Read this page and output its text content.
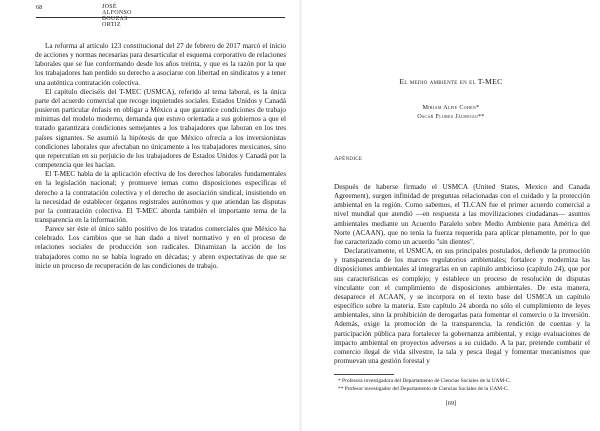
68	JOSÉ ALFONSO BOUZAS ORTIZ

La reforma al artículo 123 constitucional del 27 de febrero de 2017 marcó el inicio de acciones y normas necesarias para desarticular el esquema corporativo de relaciones laborales que se fue conformando desde los años treinta, y que es la razón por la que los trabajadores han perdido su derecho a asociarse con libertad en sindicatos y a tener una auténtica contratación colectiva.

El capítulo dieciséis del T-MEC (USMCA), referido al tema laboral, es la única parte del acuerdo comercial que recoge inquietudes sociales. Estados Unidos y Canadá pusieron particular énfasis en obligar a México a que garantice condiciones de trabajo mínimas del modelo moderno, demanda que estuvo orientada a sus gobiernos a que el tratado garantizara condiciones semejantes a los trabajadores que laboran en los tres países signantes. Se asumió la hipótesis de que México ofrecía a los inversionistas condiciones laborales que afectaban no únicamente a los trabajadores mexicanos, sino que repercutían en su perjuicio de los trabajadores de Estados Unidos y Canadá por la competencia que les hacían.

El T-MEC habla de la aplicación efectiva de los derechos laborales fundamentales en la legislación nacional; y promueve temas como disposiciones específicas el derecho a la contratación colectiva y el derecho de asociación sindical, insistiendo en la necesidad de establecer órganos registrales autónomos y que atiendan las disputas por la contratación colectiva. El T-MEC aborda también el importante tema de la transparencia en la información.

Parece ser éste el único saldo positivo de los tratados comerciales que México ha celebrado. Los cambios que se han dado a nivel normativo y en el proceso de relaciones sociales de producción son radicales. Dinamizan la acción de los trabajadores como no se había logrado en décadas; y abren expectativas de que se inicie un proceso de recuperación de las condiciones de trabajo.

El medio ambiente en el T-MEC
Miriam Alfie Cohen*
Oscar Flores Jáuregui**
Apéndice

Después de haberse firmado el USMCA (United States, Mexico and Canada Agreement), surgen infinidad de preguntas relacionadas con el cuidado y la protección ambiental en la región. Como sabemos, el TLCAN fue el primer acuerdo comercial a nivel mundial que atendió —en respuesta a las movilizaciones ciudadanas— asuntos ambientales mediante un Acuerdo Paralelo sobre Medio Ambiente para América del Norte (ACAAN), que no tenía la fuerza requerida para aplicar plenamente, por lo que fue caracterizado como un acuerdo "sin dientes".

Declarativamente, el USMCA, en sus principales postulados, defiende la promoción y transparencia de los marcos regulatorios ambientales; fortalece y moderniza las disposiciones ambientales al integrarlas en un capítulo ambicioso (capítulo 24), que por sus características es complejo; y establece un proceso de resolución de disputas vinculante con el cumplimiento de disposiciones ambientales. De esta manera, desaparece el ACAAN, y se incorpora en el texto base del USMCA un capítulo específico sobre la materia. Este capítulo 24 aborda no sólo el cumplimiento de leyes ambientales, sino la prohibición de derogarlas para fomentar el comercio o la inversión. Además, exige la promoción de la transparencia, la rendición de cuentas y la participación pública para fortalecer la gobernanza ambiental, y exige evaluaciones de impacto ambiental en proyectos adversos a su cuidado. A la par, pretende combatir el comercio ilegal de vida silvestre, la tala y pesca ilegal y fomentar mecanismos que promuevan una gestión forestal y

* Profesora investigadora del Departamento de Ciencias Sociales de la UAM-C.
** Profesor investigador del Departamento de Ciencias Sociales de la UAM-C.
[69]
